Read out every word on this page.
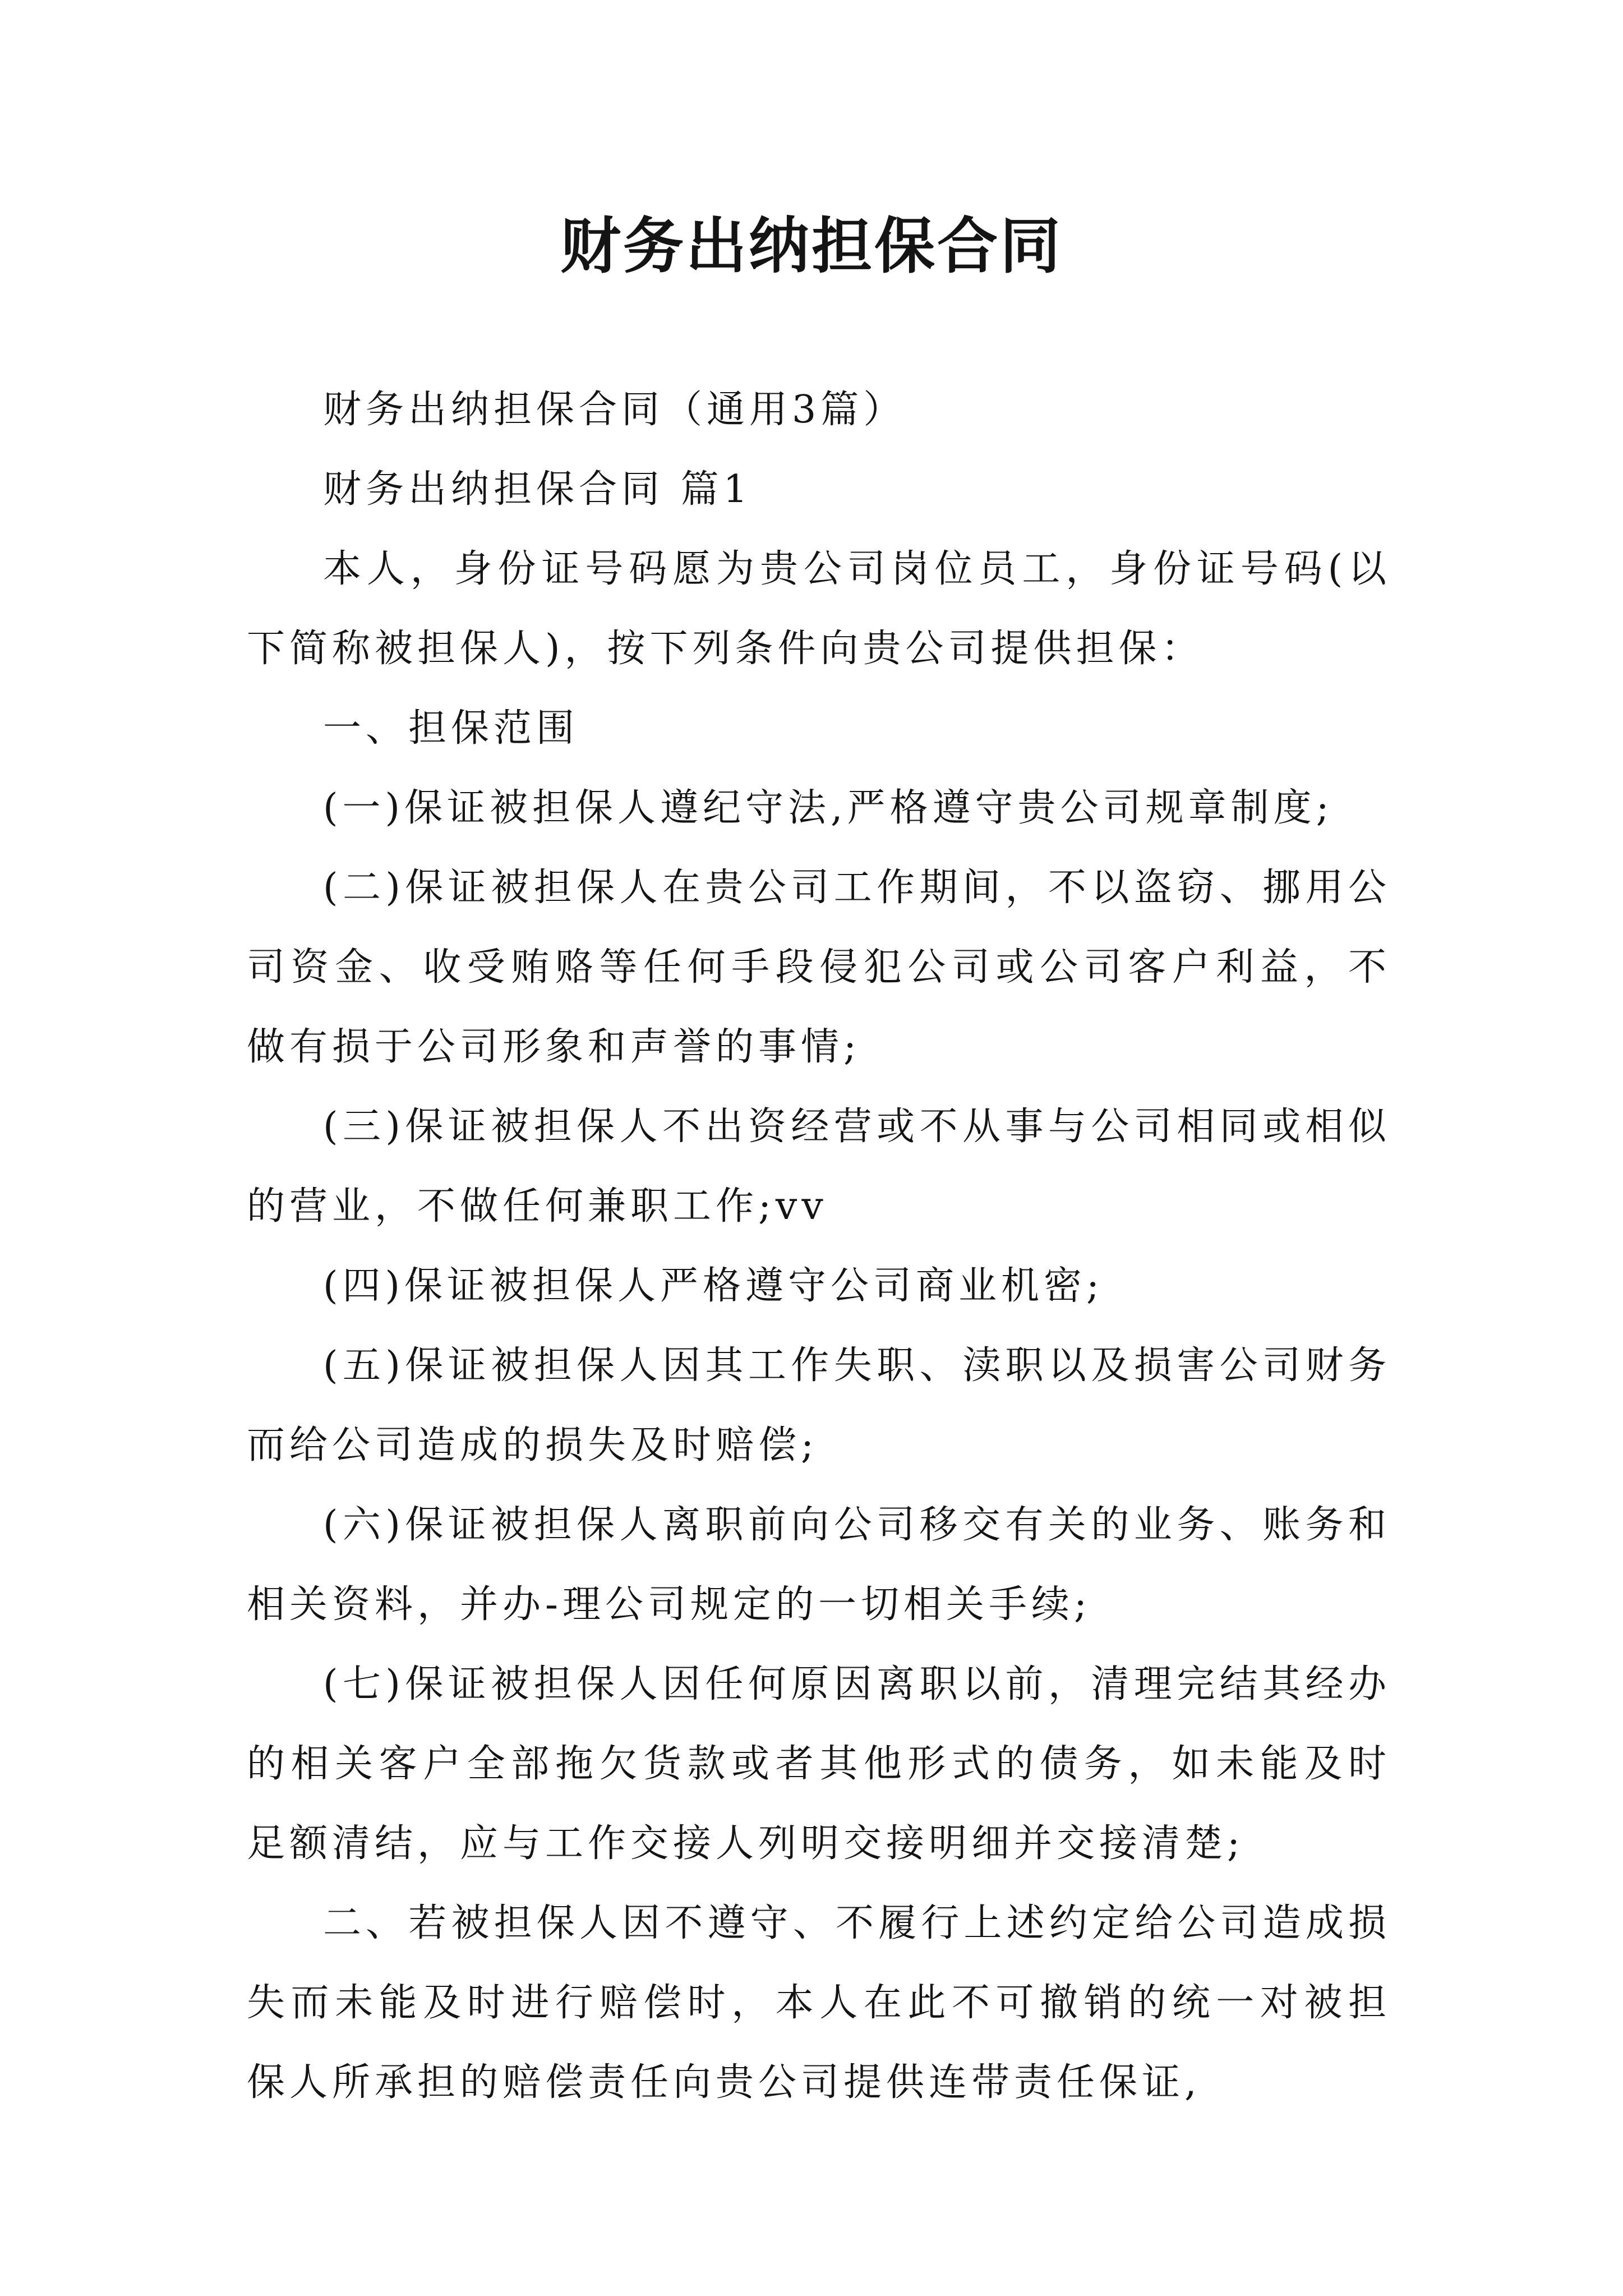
财务出纳担保合同

财务出纳担保合同（通用3篇）

财务出纳担保合同 篇1

本人，身份证号码愿为贵公司岗位员工，身份证号码(以下简称被担保人)，按下列条件向贵公司提供担保：

一、担保范围

(一)保证被担保人遵纪守法,严格遵守贵公司规章制度;

(二)保证被担保人在贵公司工作期间，不以盗窃、挪用公司资金、收受贿赂等任何手段侵犯公司或公司客户利益，不做有损于公司形象和声誉的事情;

(三)保证被担保人不出资经营或不从事与公司相同或相似的营业，不做任何兼职工作;vv

(四)保证被担保人严格遵守公司商业机密;

(五)保证被担保人因其工作失职、渎职以及损害公司财务而给公司造成的损失及时赔偿;

(六)保证被担保人离职前向公司移交有关的业务、账务和相关资料，并办-理公司规定的一切相关手续;

(七)保证被担保人因任何原因离职以前，清理完结其经办的相关客户全部拖欠货款或者其他形式的债务，如未能及时足额清结，应与工作交接人列明交接明细并交接清楚;

二、若被担保人因不遵守、不履行上述约定给公司造成损失而未能及时进行赔偿时，本人在此不可撤销的统一对被担保人所承担的赔偿责任向贵公司提供连带责任保证,
